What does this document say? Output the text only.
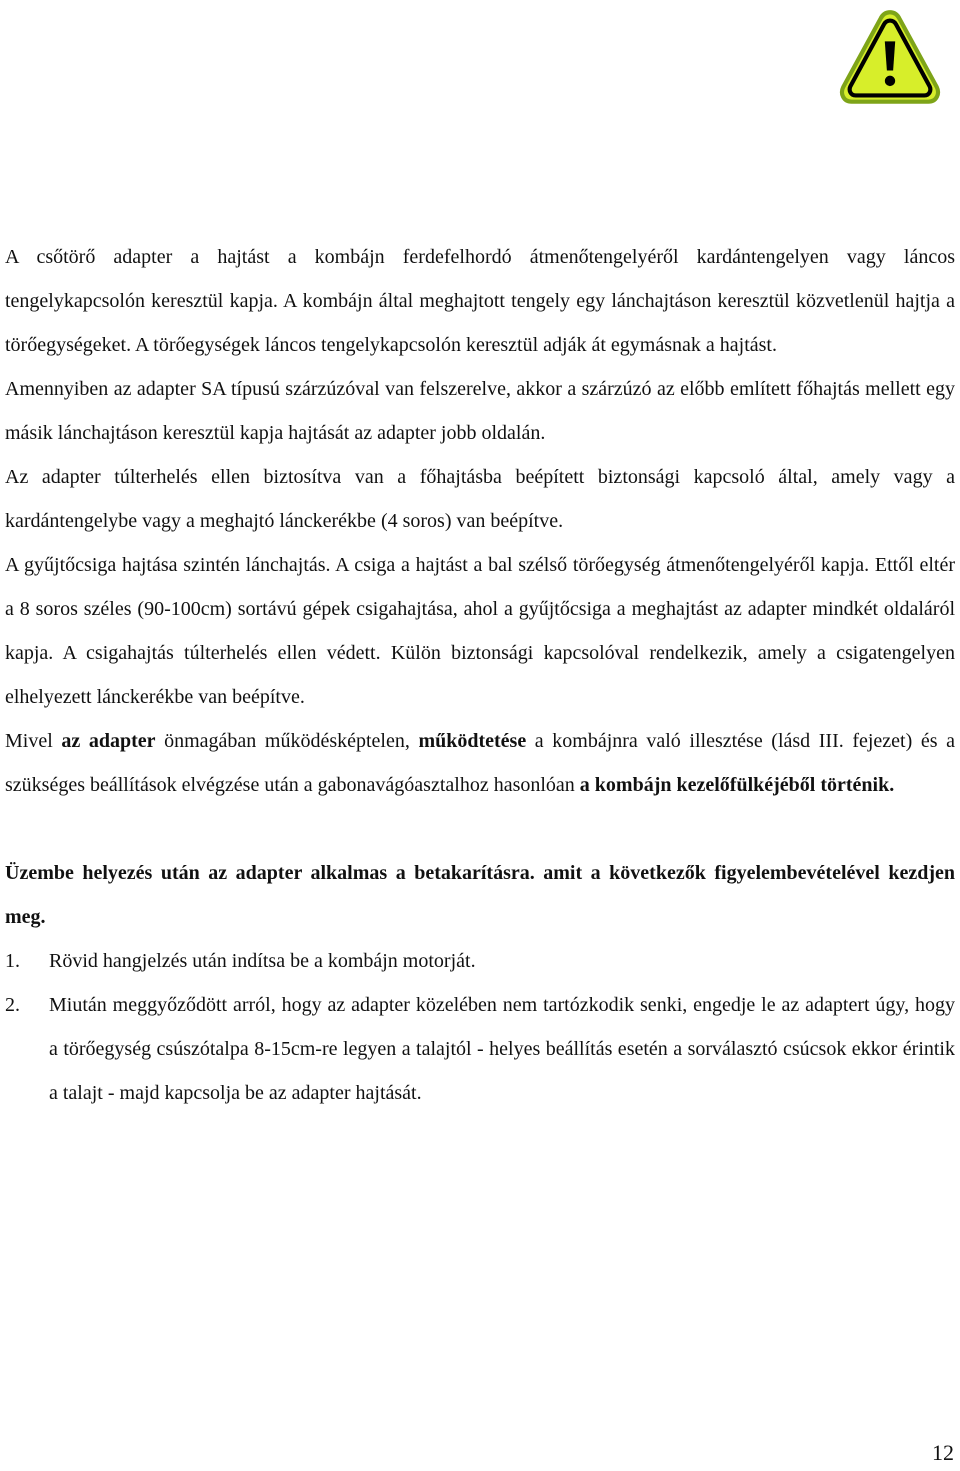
A csőtörő adapter a hajtást a kombájn ferdefelhordó átmenőtengelyéről kardántengelyen vagy láncos tengelykapcsolón keresztül kapja. A kombájn által meghajtott tengely egy lánchajtáson keresztül közvetlenül hajtja a törőegységeket. A törőegységek láncos tengelykapcsolón keresztül adják át egymásnak a hajtást.

Amennyiben az adapter SA típusú szárzúzóval van felszerelve, akkor a szárzúzó az előbb említett főhajtás mellett egy másik lánchajtáson keresztül kapja hajtását az adapter jobb oldalán.

Az adapter túlterhelés ellen biztosítva van a főhajtásba beépített biztonsági kapcsoló által, amely vagy a kardántengelybe vagy a meghajtó lánckerékbe (4 soros) van beépítve.

A gyűjtőcsiga hajtása szintén lánchajtás. A csiga a hajtást a bal szélső törőegység átmenőtengelyéről kapja. Ettől eltér a 8 soros széles (90-100cm) sortávú gépek csigahajtása, ahol a gyűjtőcsiga a meghajtást az adapter mindkét oldaláról kapja. A csigahajtás túlterhelés ellen védett. Külön biztonsági kapcsolóval rendelkezik, amely a csigatengelyen elhelyezett lánckerékbe van beépítve.

Mivel az adapter önmagában működésképtelen, működtetése a kombájnra való illesztése (lásd III. fejezet) és a szükséges beállítások elvégzése után a gabonavágóasztalhoz hasonlóan a kombájn kezelőfülkéjéből történik.

Üzembe helyezés után az adapter alkalmas a betakarításra. amit a következők figyelembevételével kezdjen meg.

1.	Rövid hangjelzés után indítsa be a kombájn motorját.
2.	Miután meggyőződött arról, hogy az adapter közelében nem tartózkodik senki, engedje le az adaptert úgy, hogy a törőegység csúszótalpa 8-15cm-re legyen a talajtól - helyes beállítás esetén a sorválasztó csúcsok ekkor érintik a talajt - majd kapcsolja be az adapter hajtását.
12
